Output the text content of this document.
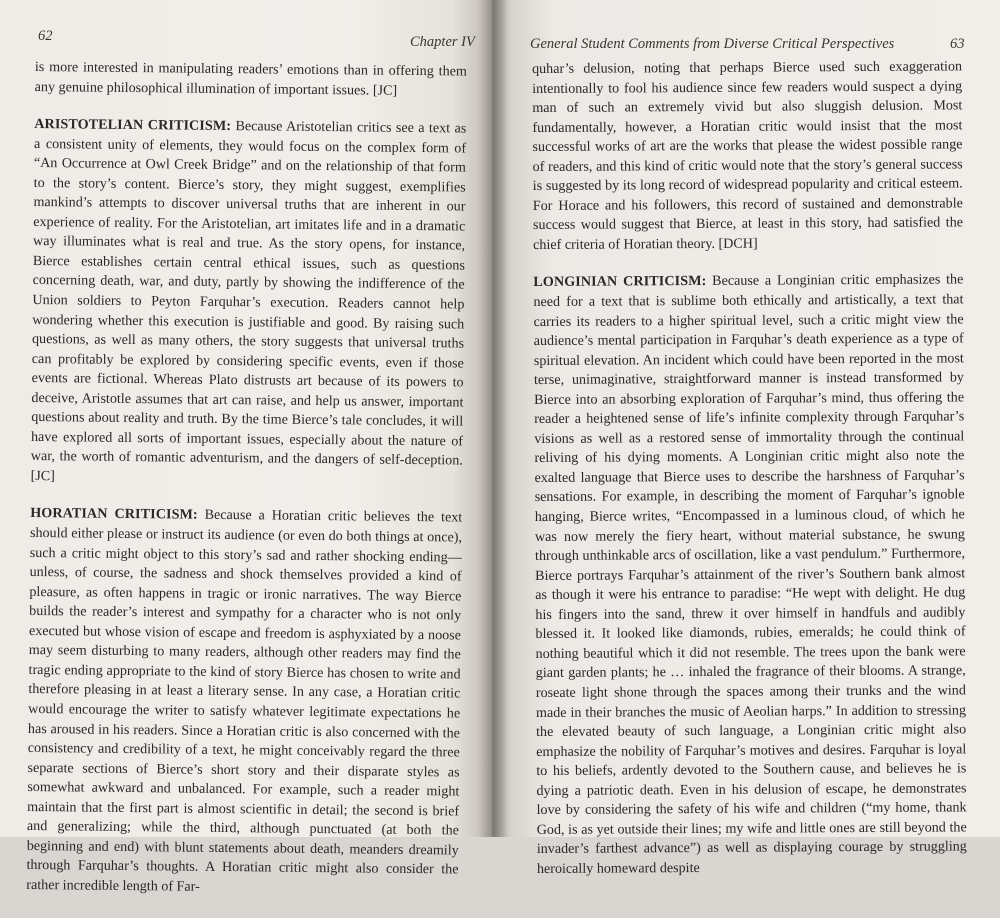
62	Chapter IV

is more interested in manipulating readers’ emotions than in offering them any genuine philosophical illumination of important issues. [JC]

ARISTOTELIAN CRITICISM: Because Aristotelian critics see a text as a consistent unity of elements, they would focus on the complex form of “An Occurrence at Owl Creek Bridge” and on the relationship of that form to the story’s content. Bierce’s story, they might suggest, exemplifies mankind’s attempts to discover universal truths that are inherent in our experience of reality. For the Aristotelian, art imitates life and in a dramatic way illuminates what is real and true. As the story opens, for instance, Bierce establishes certain central ethical issues, such as questions concerning death, war, and duty, partly by showing the indifference of the Union soldiers to Peyton Farquhar’s execution. Readers cannot help wondering whether this execution is justifiable and good. By raising such questions, as well as many others, the story suggests that universal truths can profitably be explored by considering specific events, even if those events are fictional. Whereas Plato distrusts art because of its powers to deceive, Aristotle assumes that art can raise, and help us answer, important questions about reality and truth. By the time Bierce’s tale concludes, it will have explored all sorts of important issues, especially about the nature of war, the worth of romantic adventurism, and the dangers of self-deception. [JC]

HORATIAN CRITICISM: Because a Horatian critic believes the text should either please or instruct its audience (or even do both things at once), such a critic might object to this story’s sad and rather shocking ending—unless, of course, the sadness and shock themselves provided a kind of pleasure, as often happens in tragic or ironic narratives. The way Bierce builds the reader’s interest and sympathy for a character who is not only executed but whose vision of escape and freedom is asphyxiated by a noose may seem disturbing to many readers, although other readers may find the tragic ending appropriate to the kind of story Bierce has chosen to write and therefore pleasing in at least a literary sense. In any case, a Horatian critic would encourage the writer to satisfy whatever legitimate expectations he has aroused in his readers. Since a Horatian critic is also concerned with the consistency and credibility of a text, he might conceivably regard the three separate sections of Bierce’s short story and their disparate styles as somewhat awkward and unbalanced. For example, such a reader might maintain that the first part is almost scientific in detail; the second is brief and generalizing; while the third, although punctuated (at both the beginning and end) with blunt statements about death, meanders dreamily through Farquhar’s thoughts. A Horatian critic might also consider the rather incredible length of Far-

General Student Comments from Diverse Critical Perspectives	63

quhar’s delusion, noting that perhaps Bierce used such exaggeration intentionally to fool his audience since few readers would suspect a dying man of such an extremely vivid but also sluggish delusion. Most fundamentally, however, a Horatian critic would insist that the most successful works of art are the works that please the widest possible range of readers, and this kind of critic would note that the story’s general success is suggested by its long record of widespread popularity and critical esteem. For Horace and his followers, this record of sustained and demonstrable success would suggest that Bierce, at least in this story, had satisfied the chief criteria of Horatian theory. [DCH]

LONGINIAN CRITICISM: Because a Longinian critic emphasizes the need for a text that is sublime both ethically and artistically, a text that carries its readers to a higher spiritual level, such a critic might view the audience’s mental participation in Farquhar’s death experience as a type of spiritual elevation. An incident which could have been reported in the most terse, unimaginative, straightforward manner is instead transformed by Bierce into an absorbing exploration of Farquhar’s mind, thus offering the reader a heightened sense of life’s infinite complexity through Farquhar’s visions as well as a restored sense of immortality through the continual reliving of his dying moments. A Longinian critic might also note the exalted language that Bierce uses to describe the harshness of Farquhar’s sensations. For example, in describing the moment of Farquhar’s ignoble hanging, Bierce writes, “Encompassed in a luminous cloud, of which he was now merely the fiery heart, without material substance, he swung through unthinkable arcs of oscillation, like a vast pendulum.” Furthermore, Bierce portrays Farquhar’s attainment of the river’s Southern bank almost as though it were his entrance to paradise: “He wept with delight. He dug his fingers into the sand, threw it over himself in handfuls and audibly blessed it. It looked like diamonds, rubies, emeralds; he could think of nothing beautiful which it did not resemble. The trees upon the bank were giant garden plants; he … inhaled the fragrance of their blooms. A strange, roseate light shone through the spaces among their trunks and the wind made in their branches the music of Aeolian harps.” In addition to stressing the elevated beauty of such language, a Longinian critic might also emphasize the nobility of Farquhar’s motives and desires. Farquhar is loyal to his beliefs, ardently devoted to the Southern cause, and believes he is dying a patriotic death. Even in his delusion of escape, he demonstrates love by considering the safety of his wife and children (“my home, thank God, is as yet outside their lines; my wife and little ones are still beyond the invader’s farthest advance”) as well as displaying courage by struggling heroically homeward despite
